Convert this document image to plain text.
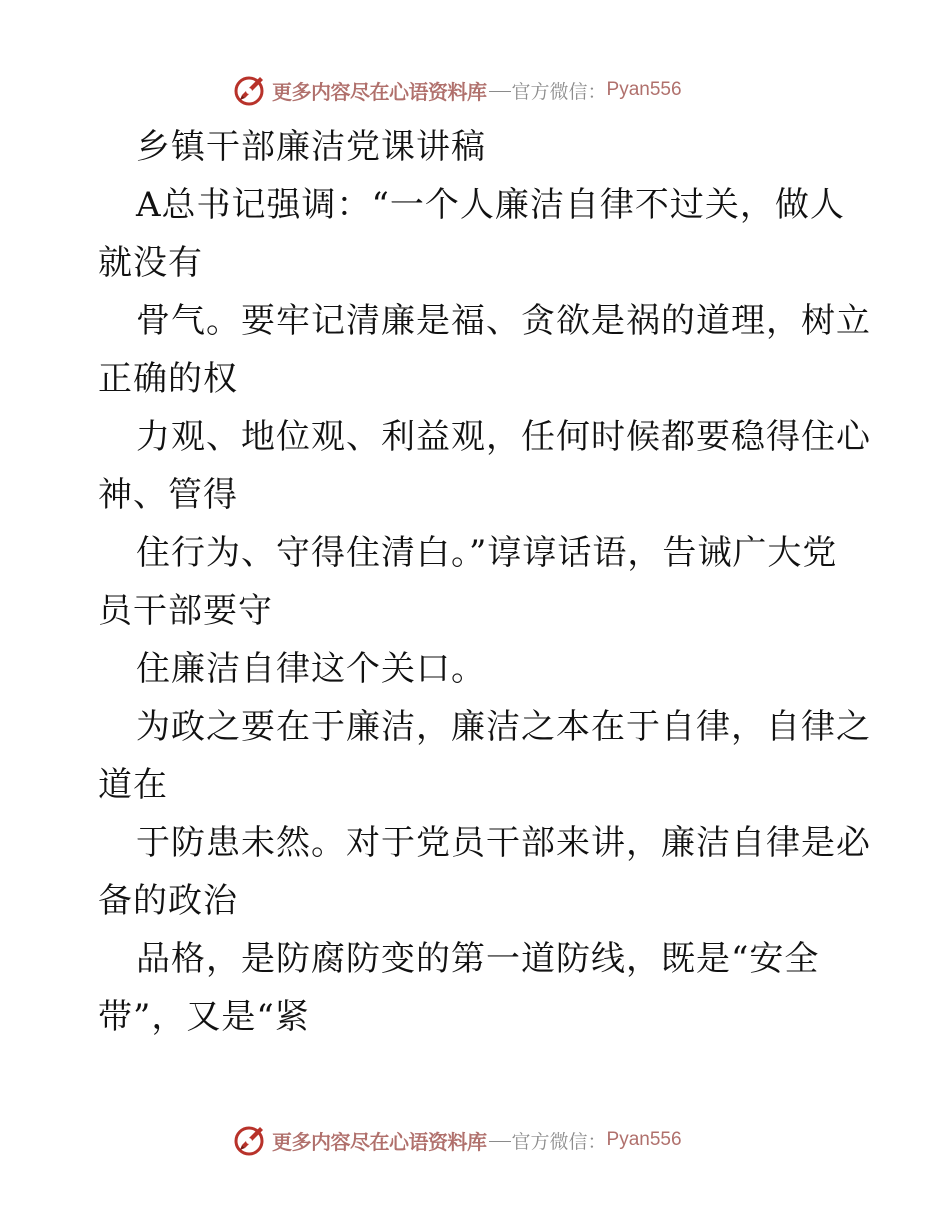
更多内容尽在心语资料库 官方微信： Pyan556
乡镇干部廉洁党课讲稿
A总书记强调：“一个人廉洁自律不过关，做人
就没有
骨气。要牢记清廉是福、贪欲是祸的道理，树立
正确的权
力观、地位观、利益观，任何时候都要稳得住心
神、管得
住行为、守得住清白。”谆谆话语，告诫广大党
员干部要守
住廉洁自律这个关口。
为政之要在于廉洁，廉洁之本在于自律，自律之
道在
于防患未然。对于党员干部来讲，廉洁自律是必
备的政治
品格，是防腐防变的第一道防线，既是“安全
带”，又是“紧
更多内容尽在心语资料库 官方微信： Pyan556
